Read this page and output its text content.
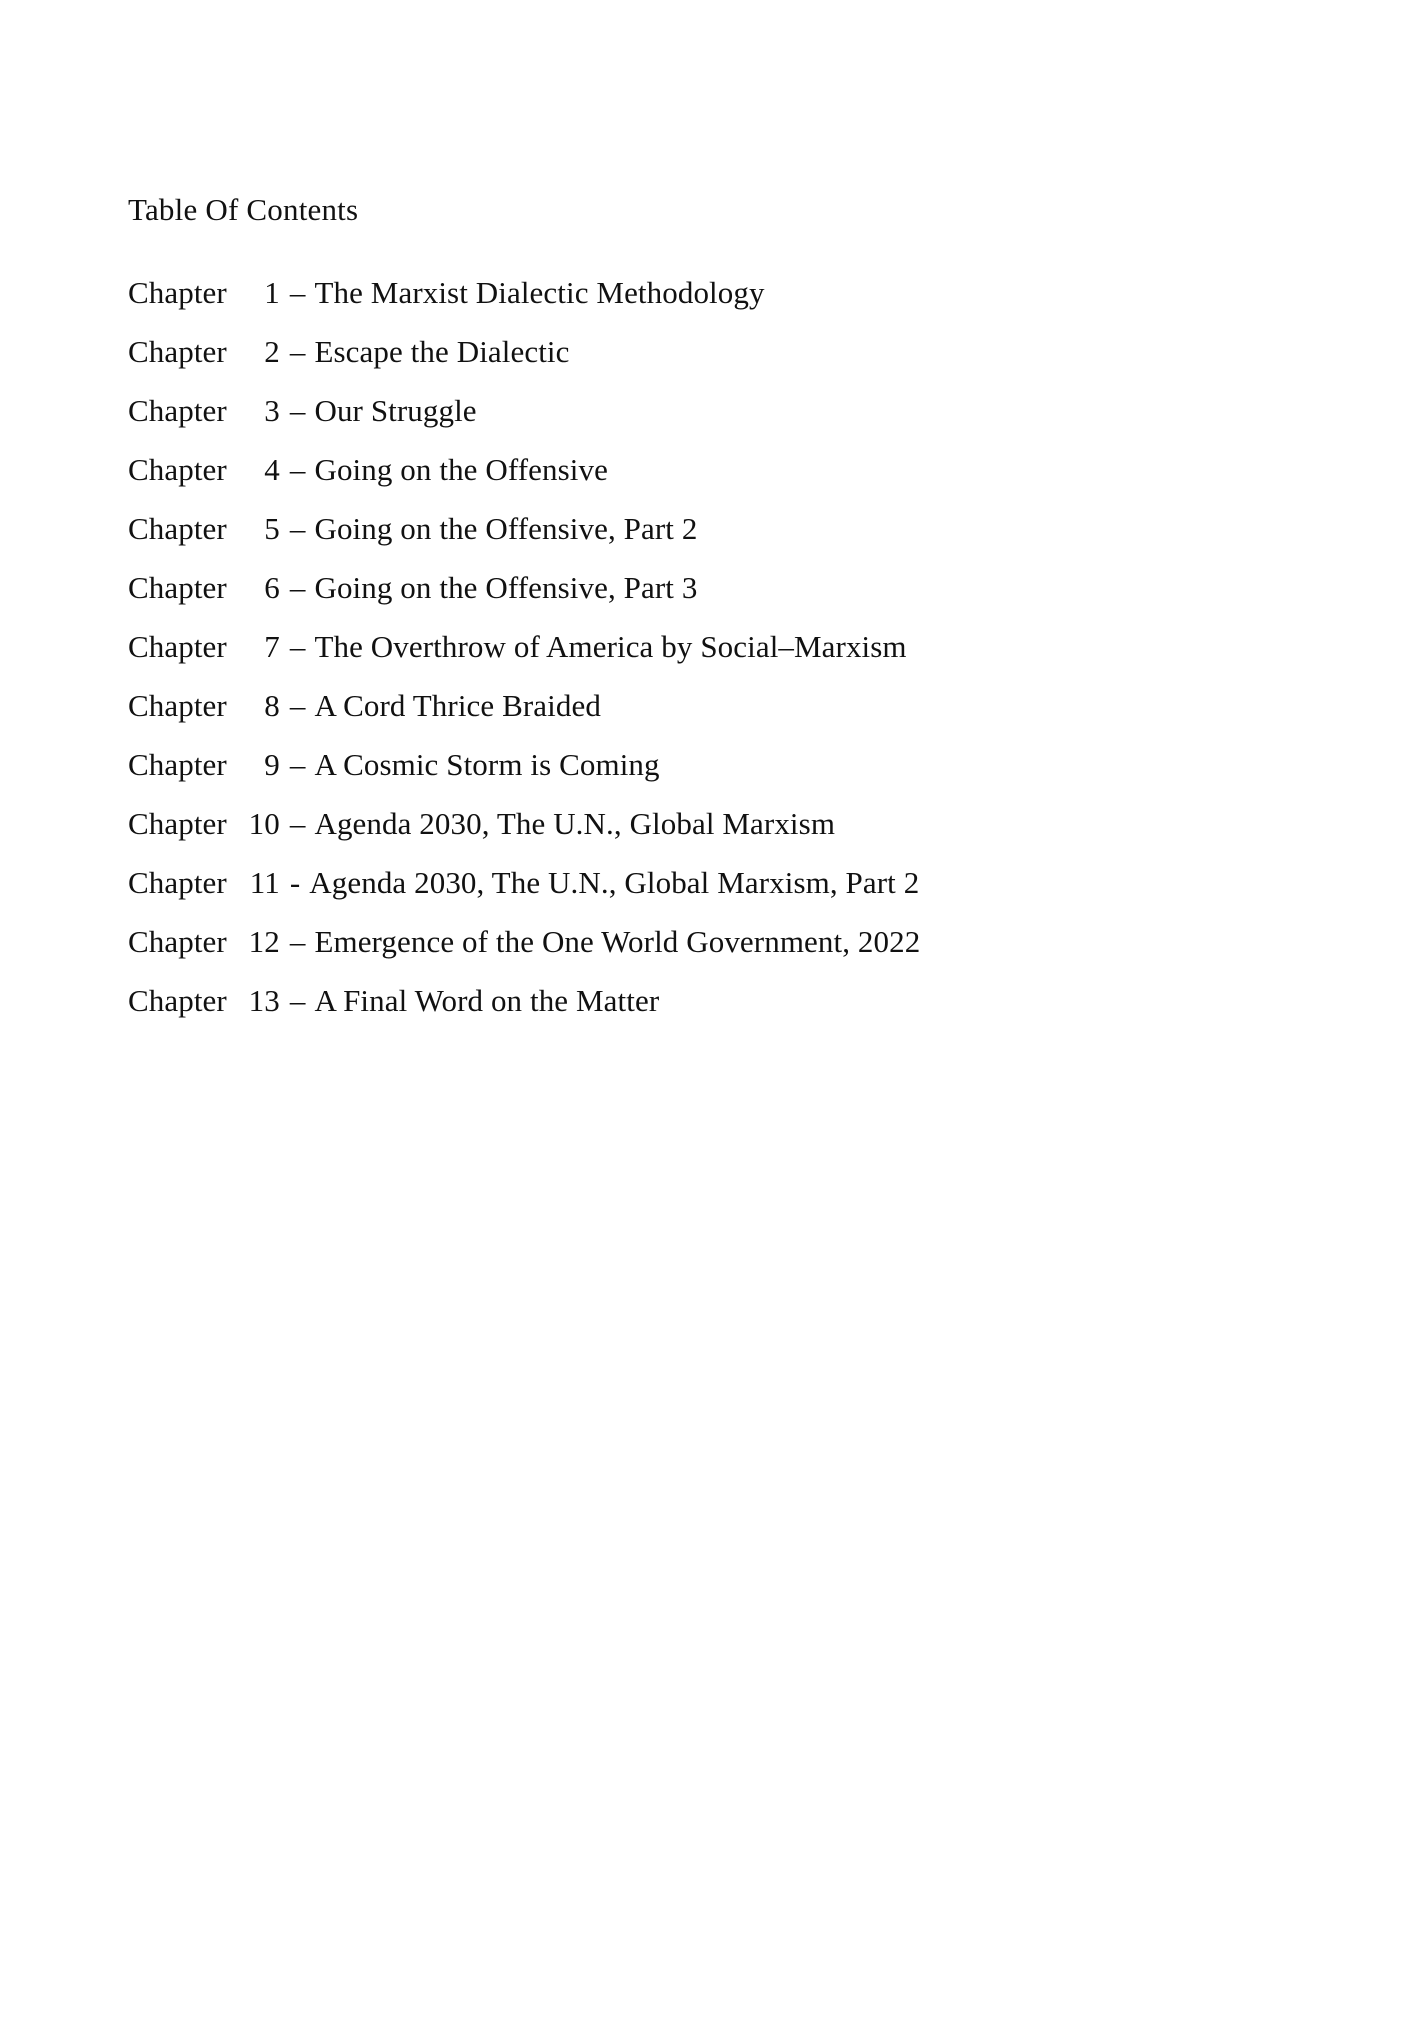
Table Of Contents
Chapter	1 – The Marxist Dialectic Methodology
Chapter	2 – Escape the Dialectic
Chapter	3 – Our Struggle
Chapter	4 – Going on the Offensive
Chapter	5 – Going on the Offensive, Part 2
Chapter	6 – Going on the Offensive, Part 3
Chapter	7 – The Overthrow of America by Social–Marxism
Chapter	8 – A Cord Thrice Braided
Chapter	9 – A Cosmic Storm is Coming
Chapter 10 – Agenda 2030, The U.N., Global Marxism
Chapter 11 - Agenda 2030, The U.N., Global Marxism, Part 2
Chapter 12 – Emergence of the One World Government, 2022
Chapter 13 – A Final Word on the Matter
